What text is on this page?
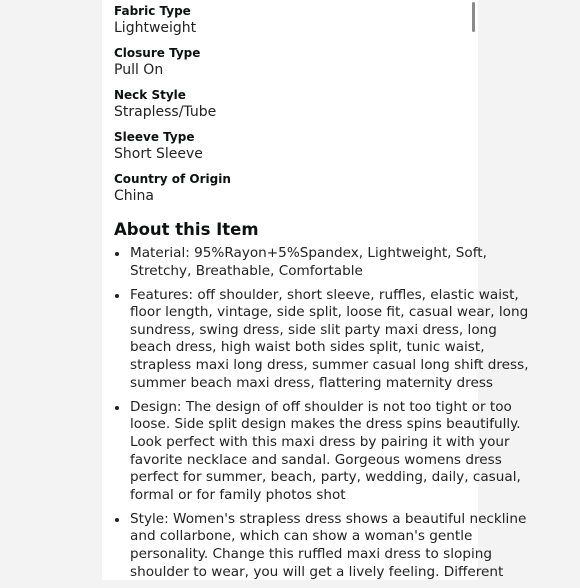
Fabric Type
Lightweight
Closure Type
Pull On
Neck Style
Strapless/Tube
Sleeve Type
Short Sleeve
Country of Origin
China
About this Item
Material: 95%Rayon+5%Spandex, Lightweight, Soft,
Stretchy, Breathable, Comfortable
Features: off shoulder, short sleeve, ruffles, elastic waist,
floor length, vintage, side split, loose fit, casual wear, long
sundress, swing dress, side slit party maxi dress, long
beach dress, high waist both sides split, tunic waist,
strapless maxi long dress, summer casual long shift dress,
summer beach maxi dress, flattering maternity dress
Design: The design of off shoulder is not too tight or too
loose. Side split design makes the dress spins beautifully.
Look perfect with this maxi dress by pairing it with your
favorite necklace and sandal. Gorgeous womens dress
perfect for summer, beach, party, wedding, daily, casual,
formal or for family photos shot
Style: Women's strapless dress shows a beautiful neckline
and collarbone, which can show a woman's gentle
personality. Change this ruffled maxi dress to sloping
shoulder to wear, you will get a lively feeling. Different
